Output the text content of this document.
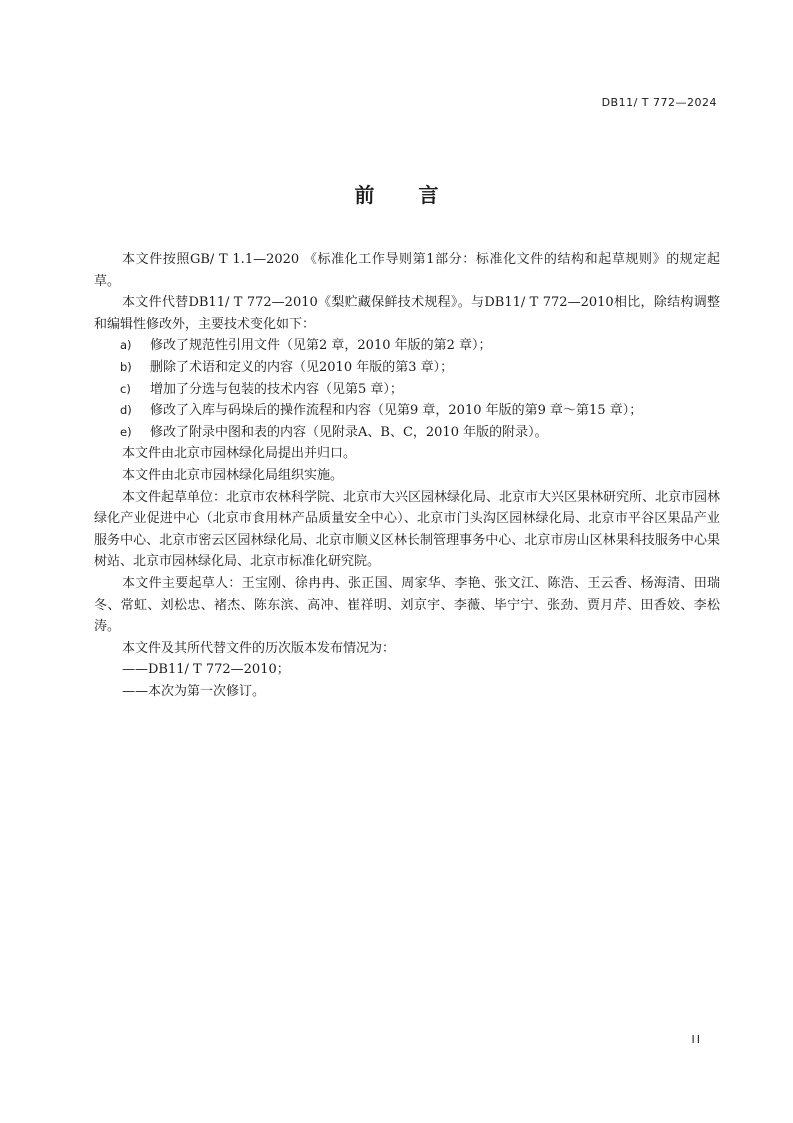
DB11/ T 772—2024
前言

本文件按照GB/ T 1.1—2020 《标准化工作导则第1部分：标准化文件的结构和起草规则》的规定起草。

本文件代替DB11/ T 772—2010《梨贮藏保鲜技术规程》。与DB11/ T 772—2010相比，除结构调整和编辑性修改外，主要技术变化如下：

a)	修改了规范性引用文件（见第2 章，2010 年版的第2 章）；

b)	删除了术语和定义的内容（见2010 年版的第3 章）；

c)	增加了分选与包装的技术内容（见第5 章）；

d)	修改了入库与码垛后的操作流程和内容（见第9 章，2010 年版的第9 章～第15 章）；

e)	修改了附录中图和表的内容（见附录A、B、C，2010 年版的附录）。

本文件由北京市园林绿化局提出并归口。

本文件由北京市园林绿化局组织实施。

本文件起草单位：北京市农林科学院、北京市大兴区园林绿化局、北京市大兴区果林研究所、北京市园林绿化产业促进中心（北京市食用林产品质量安全中心）、北京市门头沟区园林绿化局、北京市平谷区果品产业服务中心、北京市密云区园林绿化局、北京市顺义区林长制管理事务中心、北京市房山区林果科技服务中心果树站、北京市园林绿化局、北京市标准化研究院。

本文件主要起草人：王宝刚、徐冉冉、张正国、周家华、李艳、张文江、陈浩、王云香、杨海清、田瑞冬、常虹、刘松忠、褚杰、陈东滨、高冲、崔祥明、刘京宇、李薇、毕宁宁、张劲、贾月芹、田香姣、李松涛。

本文件及其所代替文件的历次版本发布情况为：

——DB11/ T 772—2010；

——本次为第一次修订。

II
